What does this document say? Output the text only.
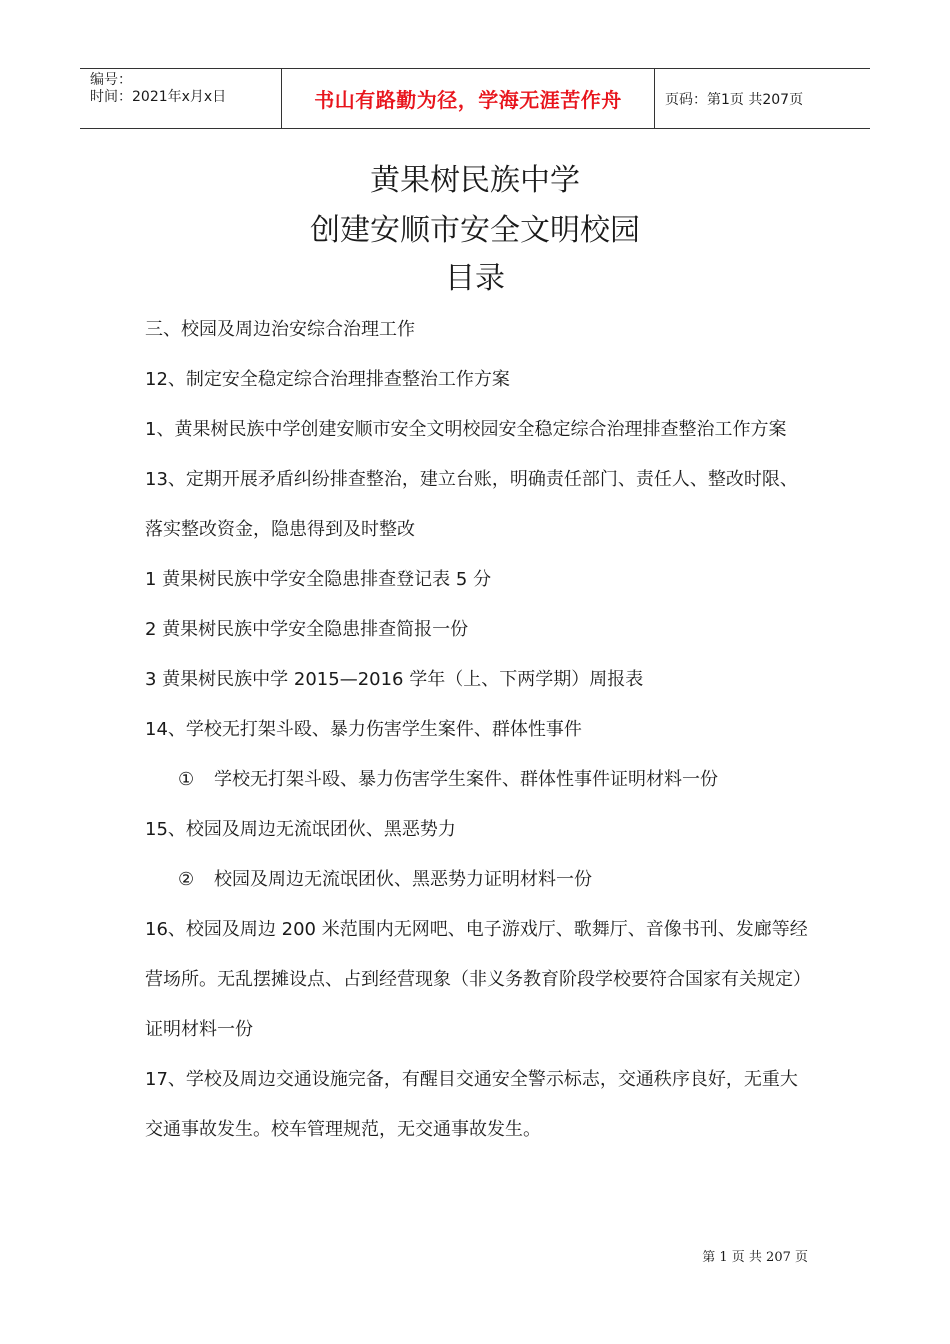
编号：
时间：2021年x月x日	书山有路勤为径，学海无涯苦作舟	页码：第1页 共207页
黄果树民族中学
创建安顺市安全文明校园
目录

三、校园及周边治安综合治理工作

12、制定安全稳定综合治理排查整治工作方案

1、黄果树民族中学创建安顺市安全文明校园安全稳定综合治理排查整治工作方案

13、定期开展矛盾纠纷排查整治，建立台账，明确责任部门、责任人、整改时限、落实整改资金，隐患得到及时整改

1 黄果树民族中学安全隐患排查登记表 5 分

2 黄果树民族中学安全隐患排查简报一份

3 黄果树民族中学 2015—2016 学年（上、下两学期）周报表

14、学校无打架斗殴、暴力伤害学生案件、群体性事件

① 学校无打架斗殴、暴力伤害学生案件、群体性事件证明材料一份

15、校园及周边无流氓团伙、黑恶势力

② 校园及周边无流氓团伙、黑恶势力证明材料一份

16、校园及周边 200 米范围内无网吧、电子游戏厅、歌舞厅、音像书刊、发廊等经营场所。无乱摆摊设点、占到经营现象（非义务教育阶段学校要符合国家有关规定）证明材料一份

17、学校及周边交通设施完备，有醒目交通安全警示标志，交通秩序良好，无重大交通事故发生。校车管理规范，无交通事故发生。

第 1 页 共 207 页
